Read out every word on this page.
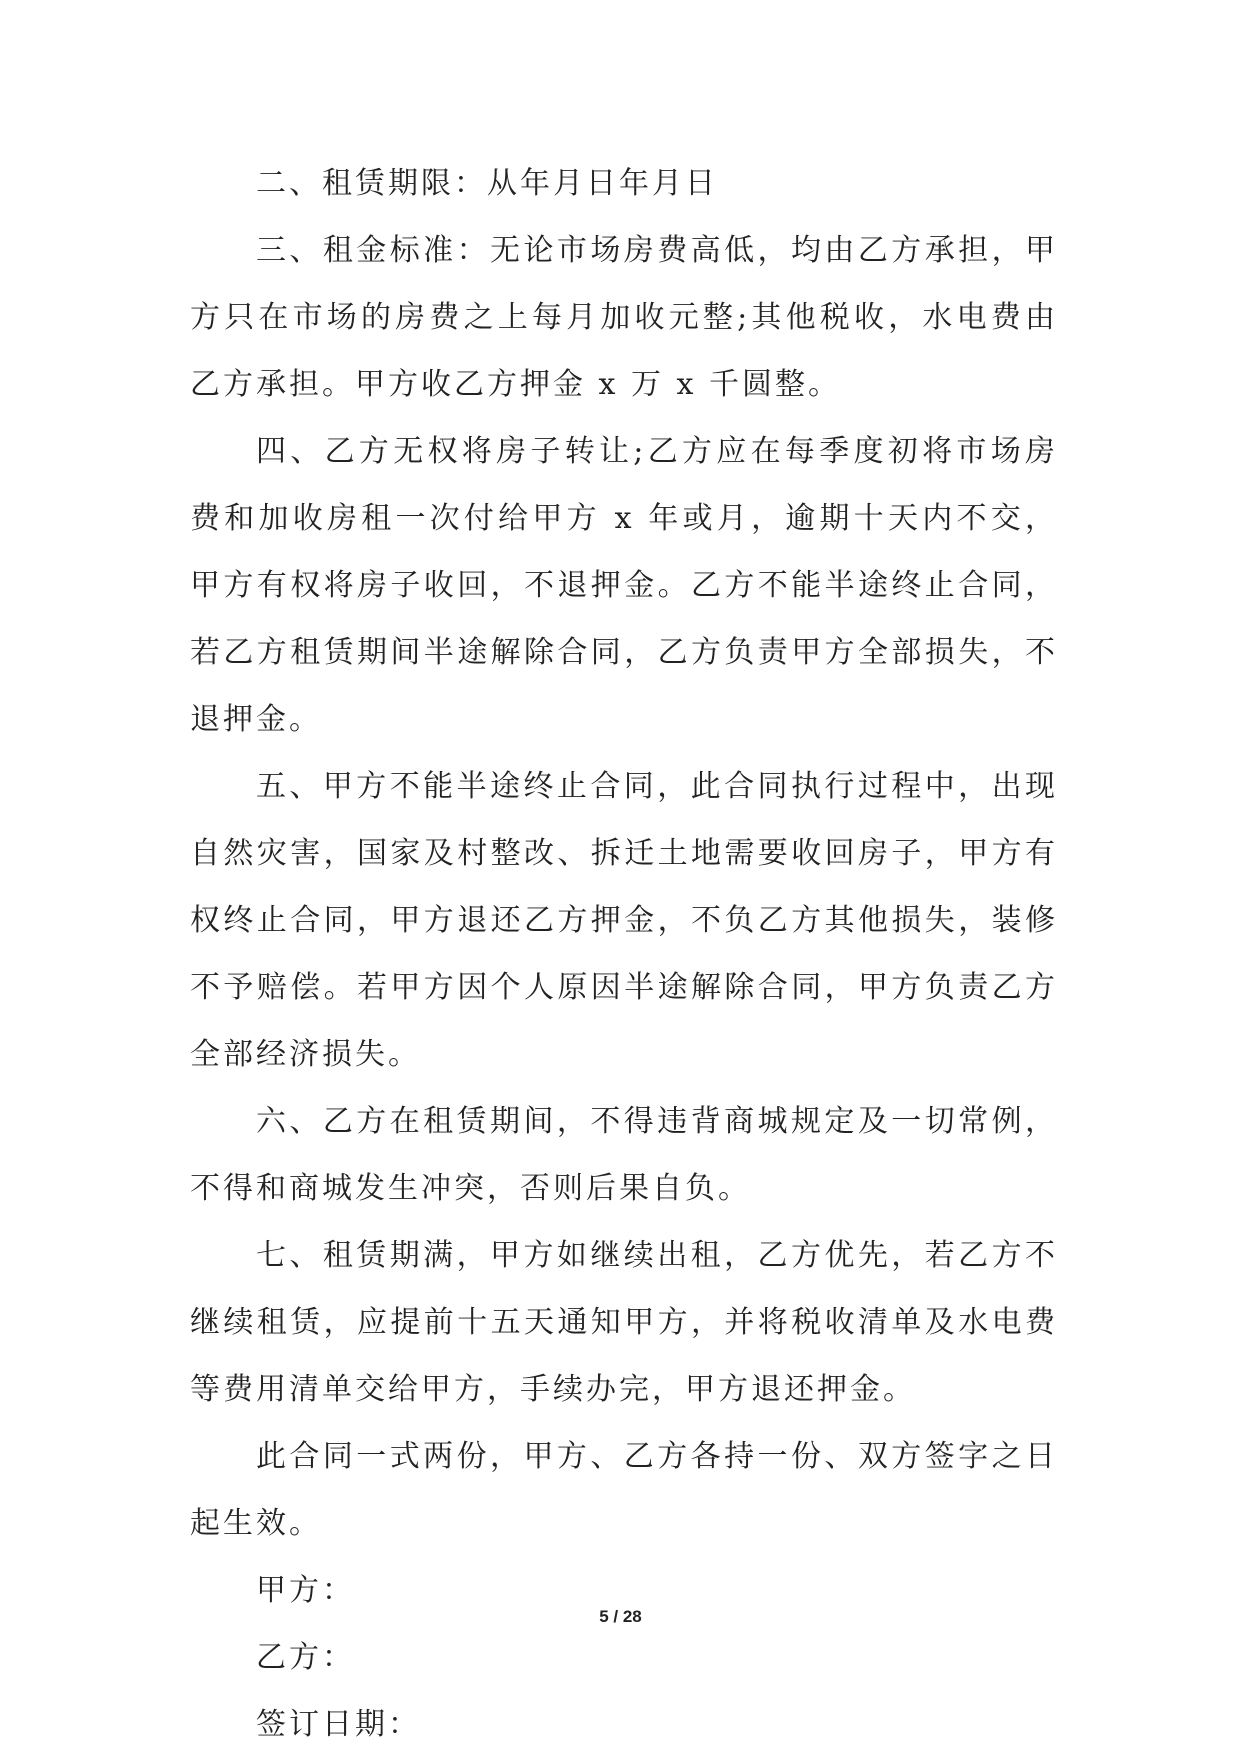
二、租赁期限：从年月日年月日

三、租金标准：无论市场房费高低，均由乙方承担，甲方只在市场的房费之上每月加收元整;其他税收，水电费由乙方承担。甲方收乙方押金 x 万 x 千圆整。

四、乙方无权将房子转让;乙方应在每季度初将市场房费和加收房租一次付给甲方 x 年或月，逾期十天内不交，甲方有权将房子收回，不退押金。乙方不能半途终止合同，若乙方租赁期间半途解除合同，乙方负责甲方全部损失，不退押金。

五、甲方不能半途终止合同，此合同执行过程中，出现自然灾害，国家及村整改、拆迁土地需要收回房子，甲方有权终止合同，甲方退还乙方押金，不负乙方其他损失，装修不予赔偿。若甲方因个人原因半途解除合同，甲方负责乙方全部经济损失。

六、乙方在租赁期间，不得违背商城规定及一切常例，不得和商城发生冲突，否则后果自负。

七、租赁期满，甲方如继续出租，乙方优先，若乙方不继续租赁，应提前十五天通知甲方，并将税收清单及水电费等费用清单交给甲方，手续办完，甲方退还押金。

此合同一式两份，甲方、乙方各持一份、双方签字之日起生效。

甲方：

乙方：

签订日期：

5 / 28
